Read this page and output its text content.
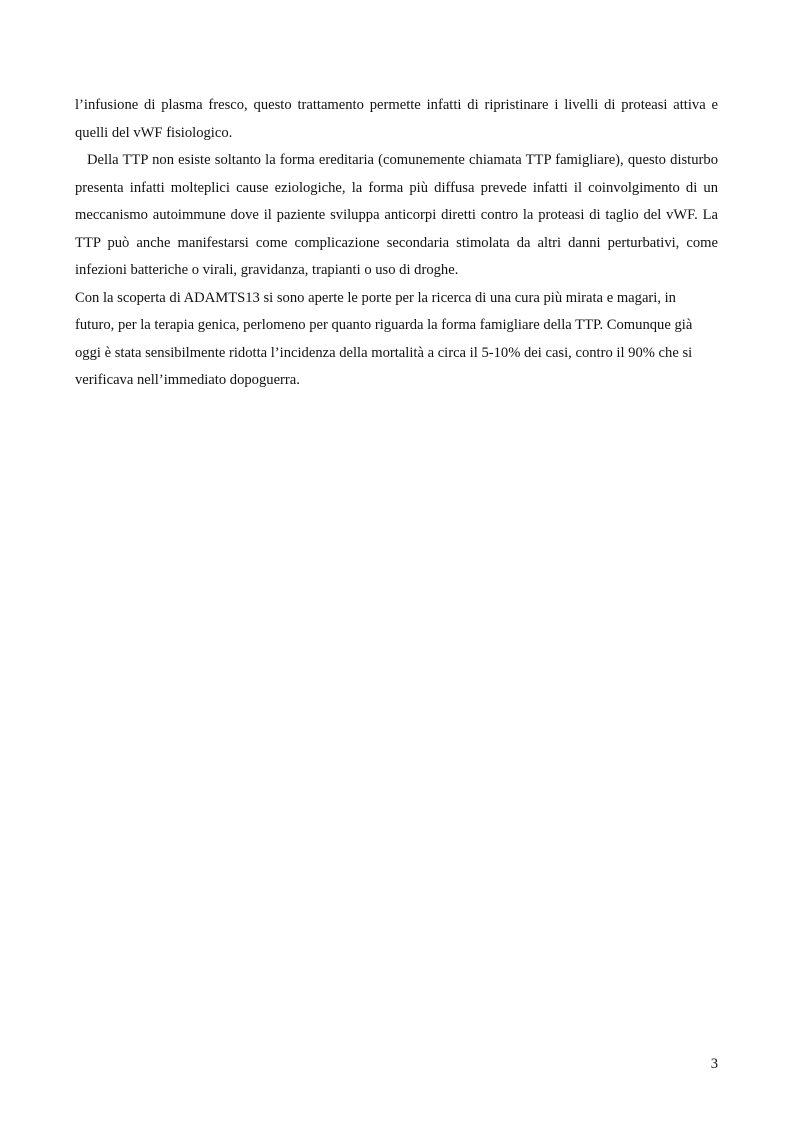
l’infusione di plasma fresco, questo trattamento permette infatti di ripristinare i livelli di proteasi attiva e quelli del vWF fisiologico.

Della TTP non esiste soltanto la forma ereditaria (comunemente chiamata TTP famigliare), questo disturbo presenta infatti molteplici cause eziologiche, la forma più diffusa prevede infatti il coinvolgimento di un meccanismo autoimmune dove il paziente sviluppa anticorpi diretti contro la proteasi di taglio del vWF. La TTP può anche manifestarsi come complicazione secondaria stimolata da altri danni perturbativi, come infezioni batteriche o virali, gravidanza, trapianti o uso di droghe.

Con la scoperta di ADAMTS13 si sono aperte le porte per la ricerca di una cura più mirata e magari, in futuro, per la terapia genica, perlomeno per quanto riguarda la forma famigliare della TTP. Comunque già oggi è stata sensibilmente ridotta l’incidenza della mortalità a circa il 5-10% dei casi, contro il 90% che si verificava nell’immediato dopoguerra.

3
